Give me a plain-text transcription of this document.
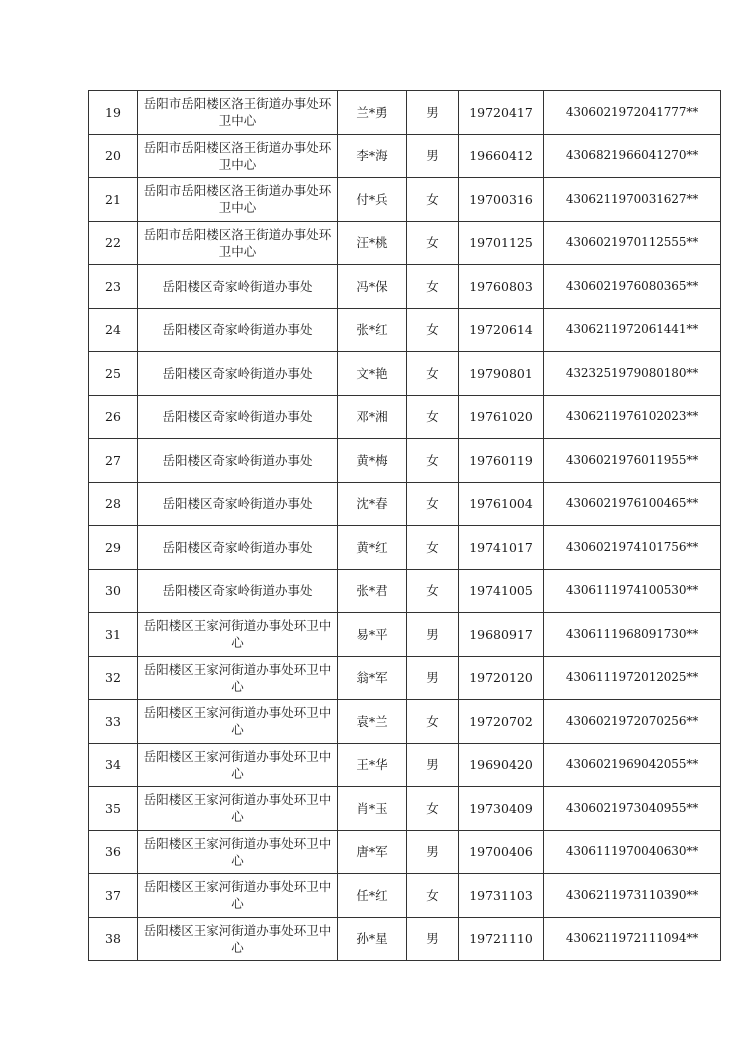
19	岳阳市岳阳楼区洛王街道办事处环卫中心	兰*勇	男	19720417	4306021972041777**
20	岳阳市岳阳楼区洛王街道办事处环卫中心	李*海	男	19660412	4306821966041270**
21	岳阳市岳阳楼区洛王街道办事处环卫中心	付*兵	女	19700316	4306211970031627**
22	岳阳市岳阳楼区洛王街道办事处环卫中心	汪*桃	女	19701125	4306021970112555**
23	岳阳楼区奇家岭街道办事处	冯*保	女	19760803	4306021976080365**
24	岳阳楼区奇家岭街道办事处	张*红	女	19720614	4306211972061441**
25	岳阳楼区奇家岭街道办事处	文*艳	女	19790801	4323251979080180**
26	岳阳楼区奇家岭街道办事处	邓*湘	女	19761020	4306211976102023**
27	岳阳楼区奇家岭街道办事处	黄*梅	女	19760119	4306021976011955**
28	岳阳楼区奇家岭街道办事处	沈*春	女	19761004	4306021976100465**
29	岳阳楼区奇家岭街道办事处	黄*红	女	19741017	4306021974101756**
30	岳阳楼区奇家岭街道办事处	张*君	女	19741005	4306111974100530**
31	岳阳楼区王家河街道办事处环卫中心	易*平	男	19680917	4306111968091730**
32	岳阳楼区王家河街道办事处环卫中心	翁*军	男	19720120	4306111972012025**
33	岳阳楼区王家河街道办事处环卫中心	袁*兰	女	19720702	4306021972070256**
34	岳阳楼区王家河街道办事处环卫中心	王*华	男	19690420	4306021969042055**
35	岳阳楼区王家河街道办事处环卫中心	肖*玉	女	19730409	4306021973040955**
36	岳阳楼区王家河街道办事处环卫中心	唐*军	男	19700406	4306111970040630**
37	岳阳楼区王家河街道办事处环卫中心	任*红	女	19731103	4306211973110390**
38	岳阳楼区王家河街道办事处环卫中心	孙*星	男	19721110	4306211972111094**
